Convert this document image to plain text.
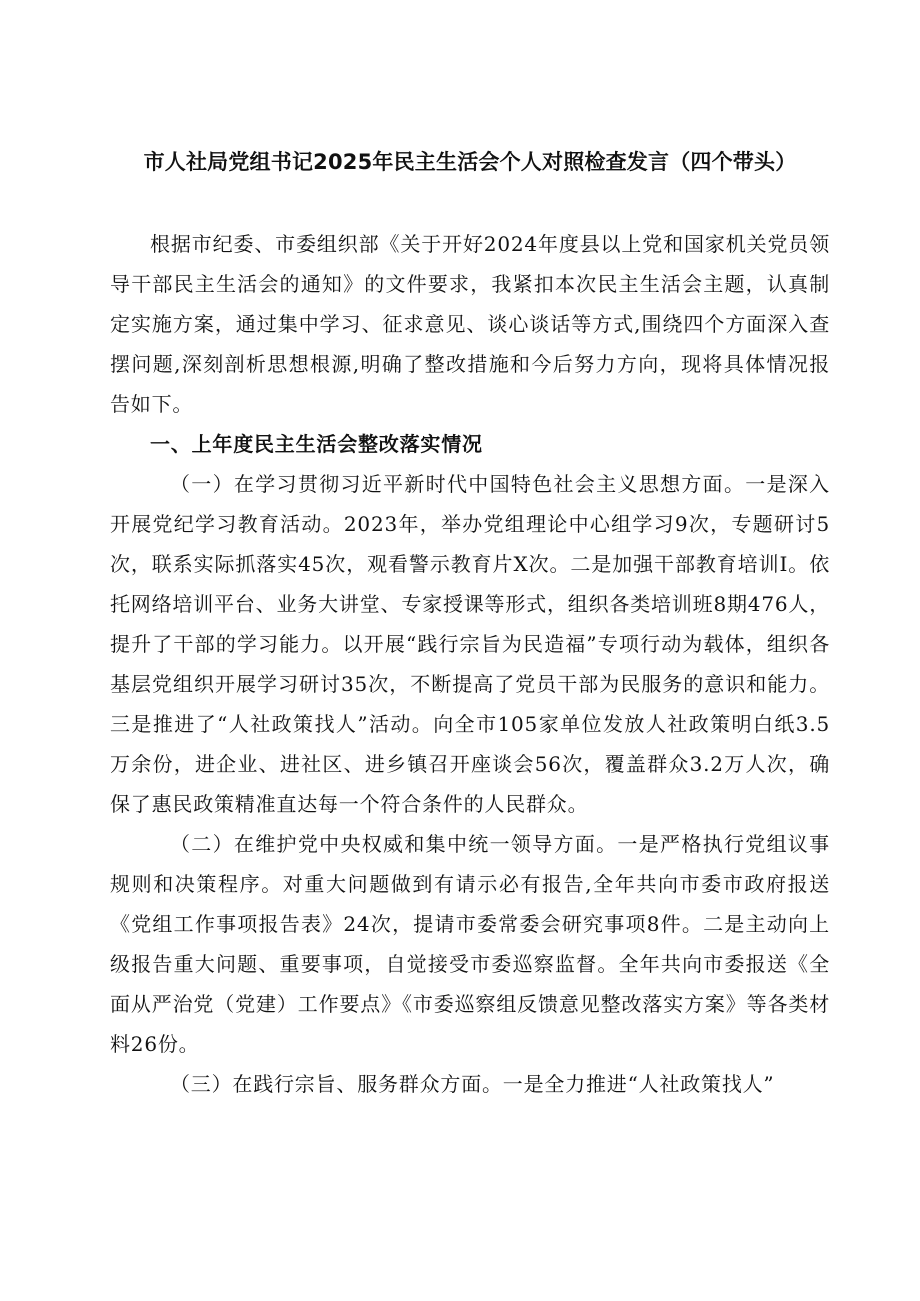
市人社局党组书记2025年民主生活会个人对照检查发言（四个带头）

根据市纪委、市委组织部《关于开好2024年度县以上党和国家机关党员领导干部民主生活会的通知》的文件要求，我紧扣本次民主生活会主题，认真制定实施方案，通过集中学习、征求意见、谈心谈话等方式,围绕四个方面深入查摆问题,深刻剖析思想根源,明确了整改措施和今后努力方向，现将具体情况报告如下。

一、上年度民主生活会整改落实情况

（一）在学习贯彻习近平新时代中国特色社会主义思想方面。一是深入开展党纪学习教育活动。2023年，举办党组理论中心组学习9次，专题研讨5次，联系实际抓落实45次，观看警示教育片X次。二是加强干部教育培训I。依托网络培训平台、业务大讲堂、专家授课等形式，组织各类培训班8期476人，提升了干部的学习能力。以开展“践行宗旨为民造福”专项行动为载体，组织各基层党组织开展学习研讨35次，不断提高了党员干部为民服务的意识和能力。三是推进了“人社政策找人”活动。向全市105家单位发放人社政策明白纸3.5万余份，进企业、进社区、进乡镇召开座谈会56次，覆盖群众3.2万人次，确保了惠民政策精准直达每一个符合条件的人民群众。

（二）在维护党中央权威和集中统一领导方面。一是严格执行党组议事规则和决策程序。对重大问题做到有请示必有报告,全年共向市委市政府报送《党组工作事项报告表》24次，提请市委常委会研究事项8件。二是主动向上级报告重大问题、重要事项，自觉接受市委巡察监督。全年共向市委报送《全面从严治党（党建）工作要点》《市委巡察组反馈意见整改落实方案》等各类材料26份。

（三）在践行宗旨、服务群众方面。一是全力推进“人社政策找人”
